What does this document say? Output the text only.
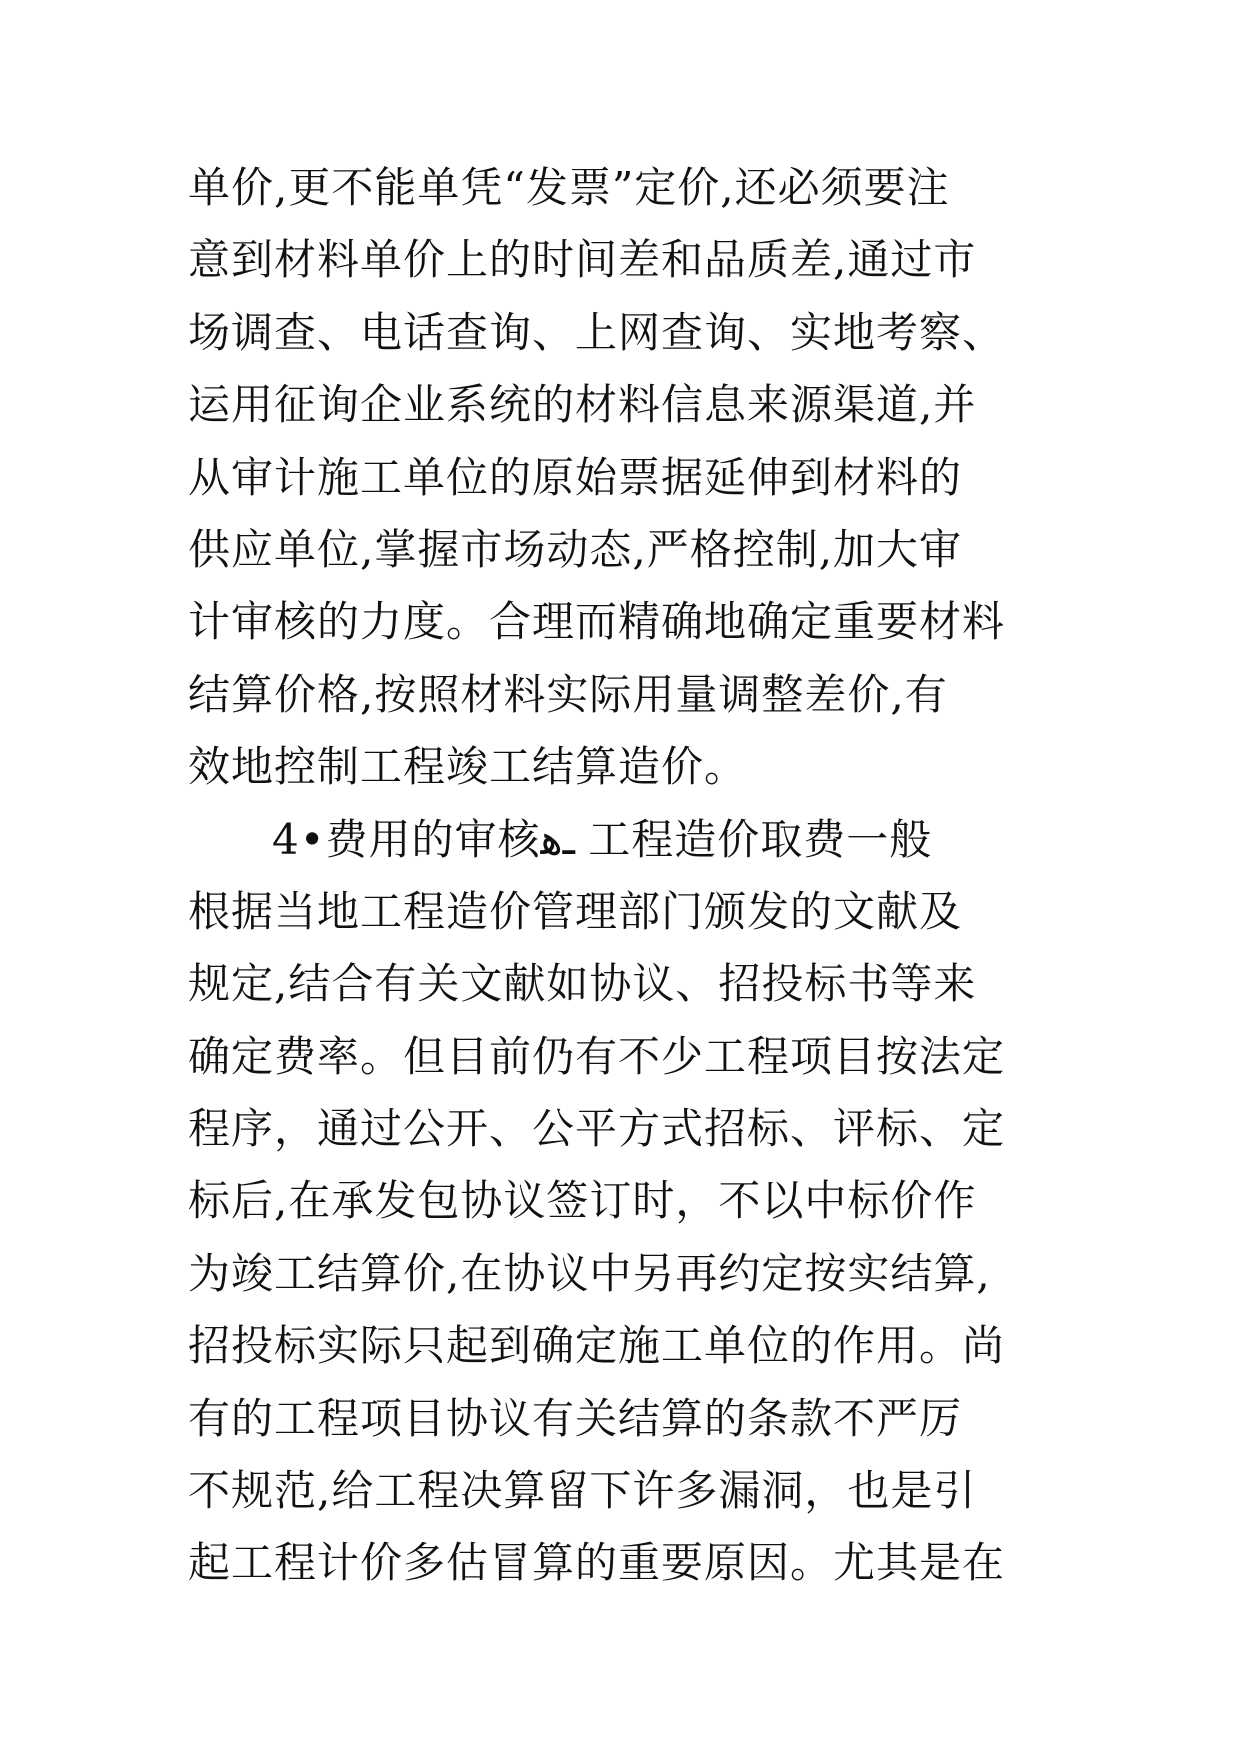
单价,更不能单凭“发票”定价,还必须要注
意到材料单价上的时间差和品质差,通过市
场调查、电话查询、上网查询、实地考察、
运用征询企业系统的材料信息来源渠道,并
从审计施工单位的原始票据延伸到材料的
供应单位,掌握市场动态,严格控制,加大审
计审核的力度。合理而精确地确定重要材料
结算价格,按照材料实际用量调整差价,有
效地控制工程竣工结算造价。
4•费用的审核ـﻫ 工程造价取费一般
根据当地工程造价管理部门颁发的文献及
规定,结合有关文献如协议、招投标书等来
确定费率。但目前仍有不少工程项目按法定
程序，通过公开、公平方式招标、评标、定
标后,在承发包协议签订时，不以中标价作
为竣工结算价,在协议中另再约定按实结算,
招投标实际只起到确定施工单位的作用。尚
有的工程项目协议有关结算的条款不严厉
不规范,给工程决算留下许多漏洞，也是引
起工程计价多估冒算的重要原因。尤其是在
